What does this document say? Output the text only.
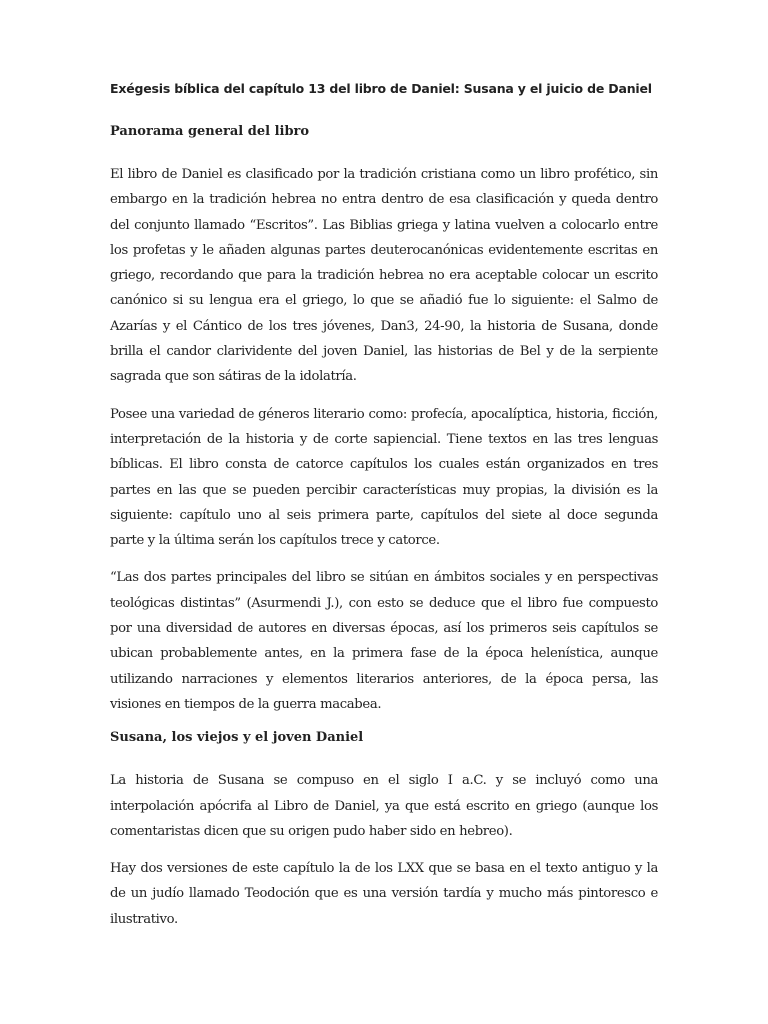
Exégesis bíblica del capítulo 13 del libro de Daniel: Susana y el juicio de Daniel
Panorama general del libro

El libro de Daniel es clasificado por la tradición cristiana como un libro profético, sin embargo en la tradición hebrea no entra dentro de esa clasificación y queda dentro del conjunto llamado “Escritos”. Las Biblias griega y latina vuelven a colocarlo entre los profetas y le añaden algunas partes deuterocanónicas evidentemente escritas en griego, recordando que para la tradición hebrea no era aceptable colocar un escrito canónico si su lengua era el griego, lo que se añadió fue lo siguiente: el Salmo de Azarías y el Cántico de los tres jóvenes, Dan3, 24-90, la historia de Susana, donde brilla el candor clarividente del joven Daniel, las historias de Bel y de la serpiente sagrada que son sátiras de la idolatría.

Posee una variedad de géneros literario como: profecía, apocalíptica, historia, ficción, interpretación de la historia y de corte sapiencial. Tiene textos en las tres lenguas bíblicas. El libro consta de catorce capítulos los cuales están organizados en tres partes en las que se pueden percibir características muy propias, la división es la siguiente: capítulo uno al seis primera parte, capítulos del siete al doce segunda parte y la última serán los capítulos trece y catorce.

“Las dos partes principales del libro se sitúan en ámbitos sociales y en perspectivas teológicas distintas” (Asurmendi J.), con esto se deduce que el libro fue compuesto por una diversidad de autores en diversas épocas, así los primeros seis capítulos se ubican probablemente antes, en la primera fase de la época helenística, aunque utilizando narraciones y elementos literarios anteriores, de la época persa, las visiones en tiempos de la guerra macabea.

Susana, los viejos y el joven Daniel

La historia de Susana se compuso en el siglo I a.C. y se incluyó como una interpolación apócrifa al Libro de Daniel, ya que está escrito en griego (aunque los comentaristas dicen que su origen pudo haber sido en hebreo).

Hay dos versiones de este capítulo la de los LXX que se basa en el texto antiguo y la de un judío llamado Teodoción que es una versión tardía y mucho más pintoresco e ilustrativo.
